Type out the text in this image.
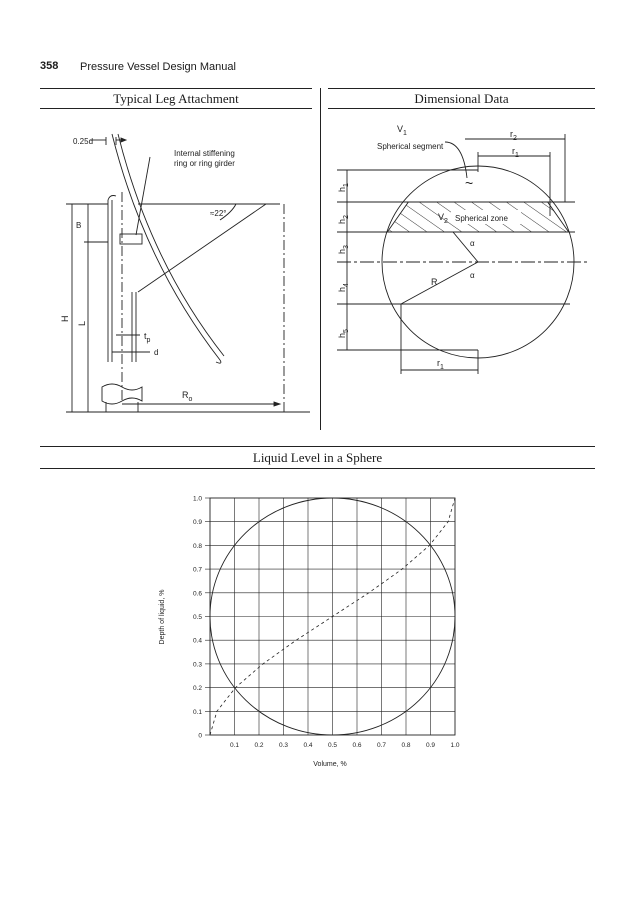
358 Pressure Vessel Design Manual
Typical Leg Attachment	Dimensional Data
0.25d
Internal stiffening
ring or ring girder
≈22°
B
H
L
$t_p$
d
$R_o$
$V_1$
Spherical segment
$r_2$
$r_1$
~
$h_1$
$h_2$
$h_3$
$h_4$
$h_5$
$V_2$ Spherical zone
α
α
R
$r_1$
Liquid Level in a Sphere
0.1 0.2 0.3 0.4 0.5 0.6 0.7 0.8 0.9 1.0
0
0.1
0.2
0.3
0.4
0.5
0.6
0.7
0.8
0.9
1.0
Volume, %
Depth of liquid, %
